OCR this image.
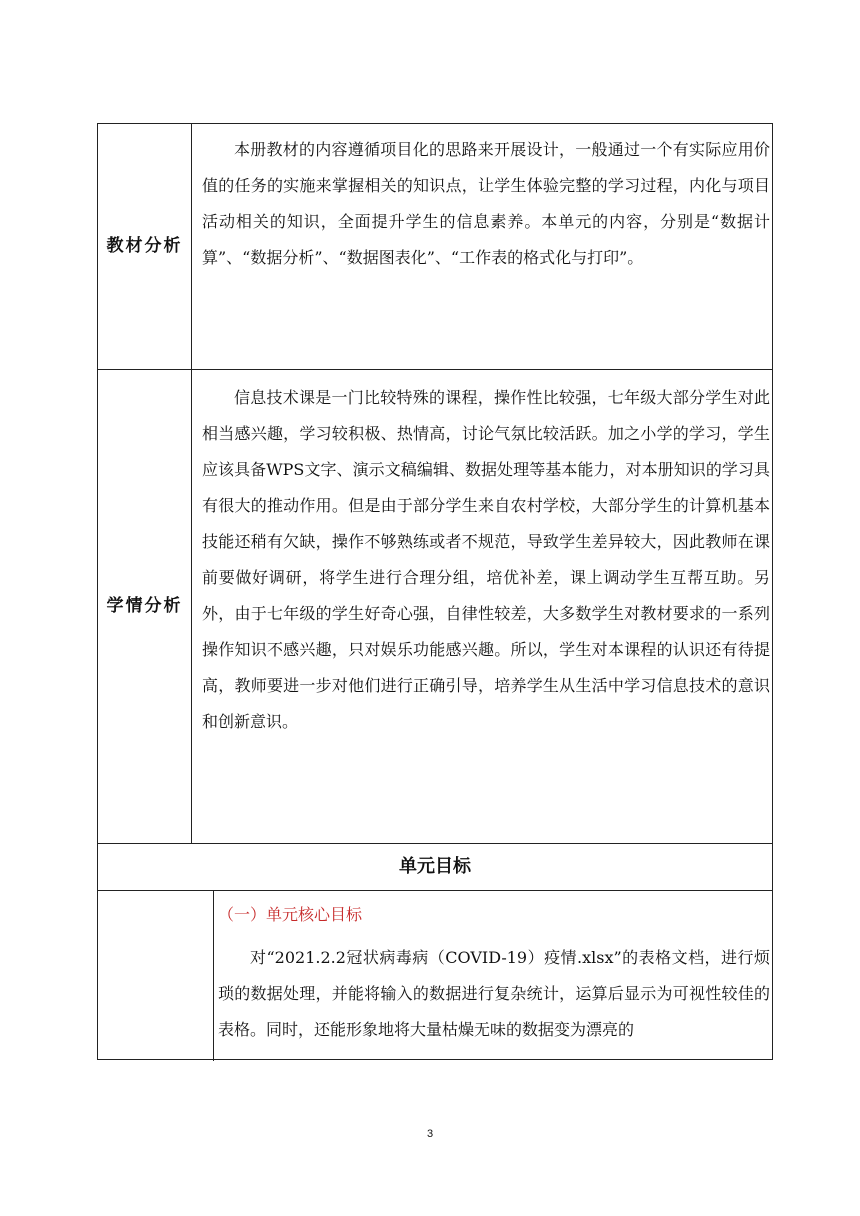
教材分析

本册教材的内容遵循项目化的思路来开展设计，一般通过一个有实际应用价值的任务的实施来掌握相关的知识点，让学生体验完整的学习过程，内化与项目活动相关的知识，全面提升学生的信息素养。本单元的内容，分别是“数据计算”、“数据分析”、“数据图表化”、“工作表的格式化与打印”。

学情分析

信息技术课是一门比较特殊的课程，操作性比较强，七年级大部分学生对此相当感兴趣，学习较积极、热情高，讨论气氛比较活跃。加之小学的学习，学生应该具备WPS文字、演示文稿编辑、数据处理等基本能力，对本册知识的学习具有很大的推动作用。但是由于部分学生来自农村学校，大部分学生的计算机基本技能还稍有欠缺，操作不够熟练或者不规范，导致学生差异较大，因此教师在课前要做好调研，将学生进行合理分组，培优补差，课上调动学生互帮互助。另外，由于七年级的学生好奇心强，自律性较差，大多数学生对教材要求的一系列操作知识不感兴趣，只对娱乐功能感兴趣。所以，学生对本课程的认识还有待提高，教师要进一步对他们进行正确引导，培养学生从生活中学习信息技术的意识和创新意识。

单元目标
（一）单元核心目标

对“2021.2.2冠状病毒病（COVID-19）疫情.xlsx”的表格文档，进行烦琐的数据处理，并能将输入的数据进行复杂统计，运算后显示为可视性较佳的表格。同时，还能形象地将大量枯燥无味的数据变为漂亮的

3
